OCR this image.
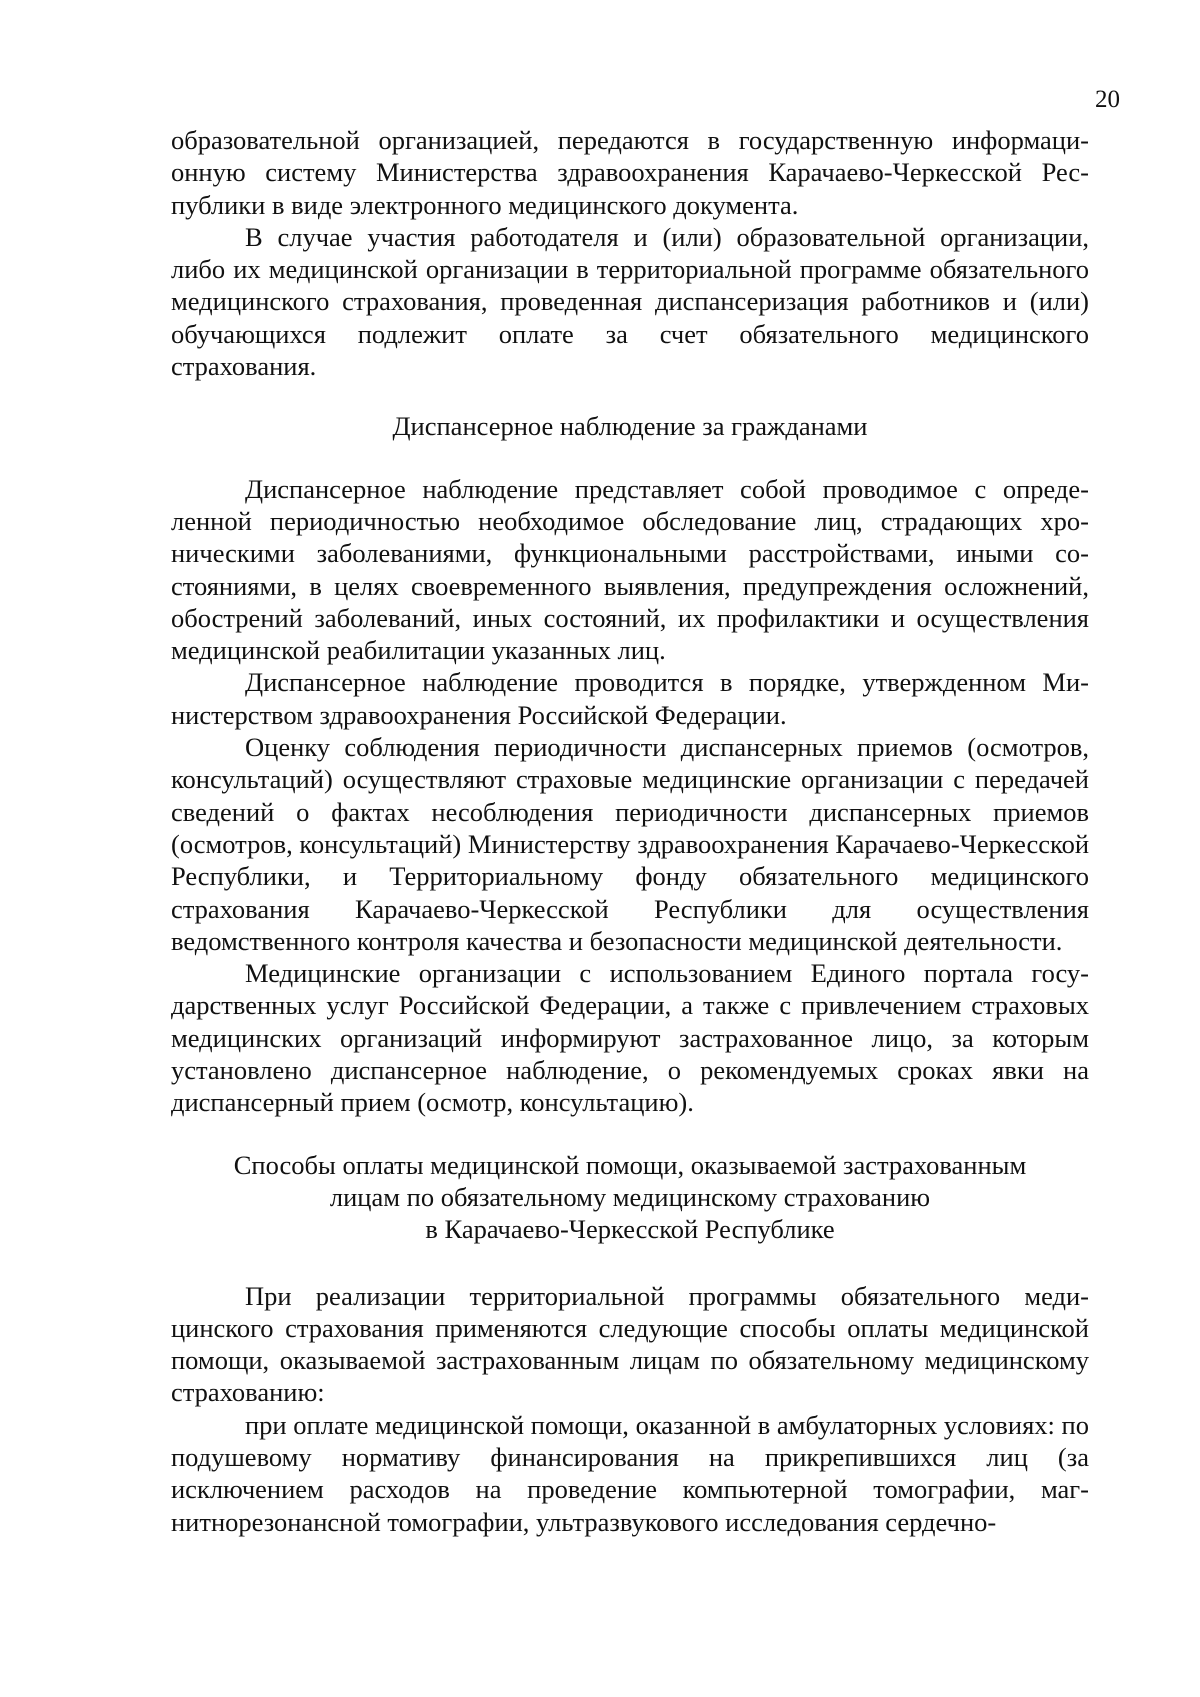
20

образовательной организацией, передаются в государственную информационную систему Министерства здравоохранения Карачаево-Черкесской Республики в виде электронного медицинского документа.

В случае участия работодателя и (или) образовательной организации, либо их медицинской организации в территориальной программе обязательного медицинского страхования, проведенная диспансеризация работников и (или) обучающихся подлежит оплате за счет обязательного медицинского страхования.

Диспансерное наблюдение за гражданами

Диспансерное наблюдение представляет собой проводимое с определенной периодичностью необходимое обследование лиц, страдающих хроническими заболеваниями, функциональными расстройствами, иными состояниями, в целях своевременного выявления, предупреждения осложнений, обострений заболеваний, иных состояний, их профилактики и осуществления медицинской реабилитации указанных лиц.

Диспансерное наблюдение проводится в порядке, утвержденном Министерством здравоохранения Российской Федерации.

Оценку соблюдения периодичности диспансерных приемов (осмотров, консультаций) осуществляют страховые медицинские организации с передачей сведений о фактах несоблюдения периодичности диспансерных приемов (осмотров, консультаций) Министерству здравоохранения Карачаево-Черкесской Республики, и Территориальному фонду обязательного медицинского страхования Карачаево-Черкесской Республики для осуществления ведомственного контроля качества и безопасности медицинской деятельности.

Медицинские организации с использованием Единого портала государственных услуг Российской Федерации, а также с привлечением страховых медицинских организаций информируют застрахованное лицо, за которым установлено диспансерное наблюдение, о рекомендуемых сроках явки на диспансерный прием (осмотр, консультацию).

Способы оплаты медицинской помощи, оказываемой застрахованным
лицам по обязательному медицинскому страхованию
в Карачаево-Черкесской Республике

При реализации территориальной программы обязательного медицинского страхования применяются следующие способы оплаты медицинской помощи, оказываемой застрахованным лицам по обязательному медицинскому страхованию:

при оплате медицинской помощи, оказанной в амбулаторных условиях: по подушевому нормативу финансирования на прикрепившихся лиц (за исключением расходов на проведение компьютерной томографии, магнитнорезонансной томографии, ультразвукового исследования сердечно-
